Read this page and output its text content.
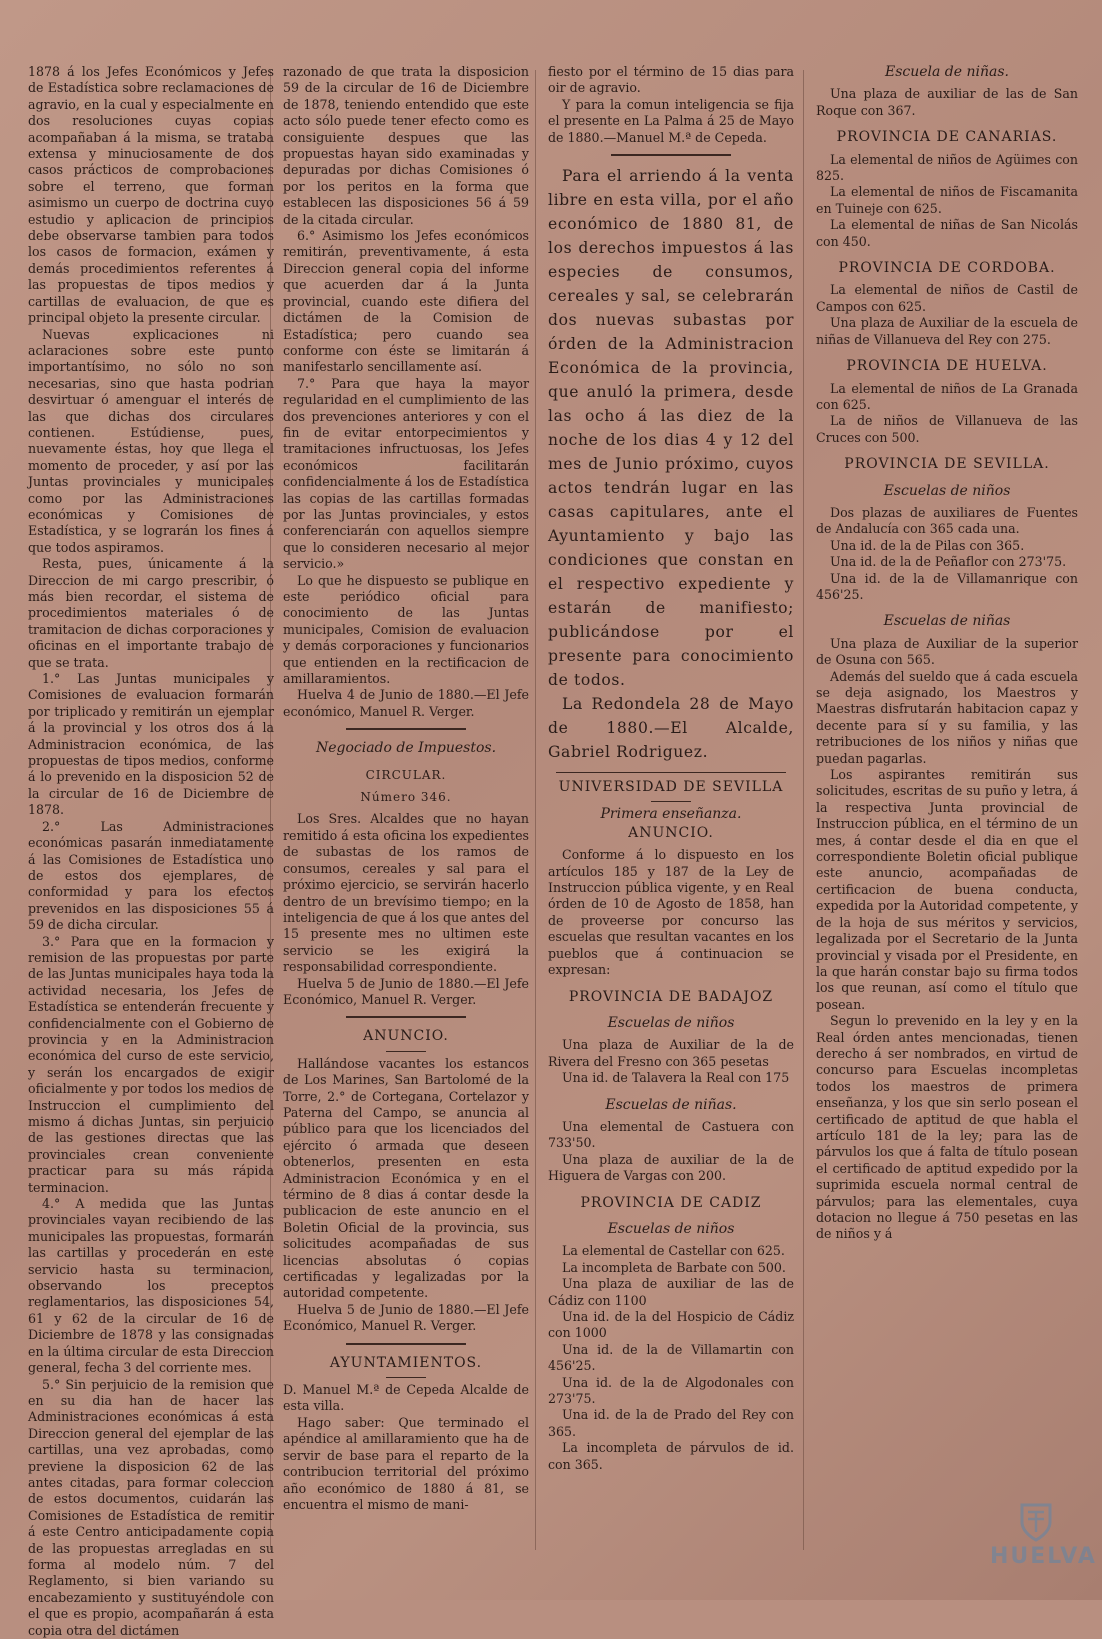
1878 á los Jefes Económicos y Jefes de Estadística sobre reclamaciones de agravio, en la cual y especialmente en dos resoluciones cuyas copias acompañaban á la misma, se trataba extensa y minuciosamente de dos casos prácticos de comprobaciones sobre el terreno, que forman asimismo un cuerpo de doctrina cuyo estudio y aplicacion de principios debe observarse tambien para todos los casos de formacion, exámen y demás procedimientos referentes á las propuestas de tipos medios y cartillas de evaluacion, de que es principal objeto la presente circular.

Nuevas explicaciones ni aclaraciones sobre este punto importantísimo, no sólo no son necesarias, sino que hasta podrian desvirtuar ó amenguar el interés de las que dichas dos circulares contienen. Estúdiense, pues, nuevamente éstas, hoy que llega el momento de proceder, y así por las Juntas provinciales y municipales como por las Administraciones económicas y Comisiones de Estadística, y se lograrán los fines á que todos aspiramos.

Resta, pues, únicamente á la Direccion de mi cargo prescribir, ó más bien recordar, el sistema de procedimientos materiales ó de tramitacion de dichas corporaciones y oficinas en el importante trabajo de que se trata.

1.° Las Juntas municipales y Comisiones de evaluacion formarán por triplicado y remitirán un ejemplar á la provincial y los otros dos á la Administracion económica, de las propuestas de tipos medios, conforme á lo prevenido en la disposicion 52 de la circular de 16 de Diciembre de 1878.

2.° Las Administraciones económicas pasarán inmediatamente á las Comisiones de Estadística uno de estos dos ejemplares, de conformidad y para los efectos prevenidos en las disposiciones 55 á 59 de dicha circular.

3.° Para que en la formacion y remision de las propuestas por parte de las Juntas municipales haya toda la actividad necesaria, los Jefes de Estadística se entenderán frecuente y confidencialmente con el Gobierno de provincia y en la Administracion económica del curso de este servicio, y serán los encargados de exigir oficialmente y por todos los medios de Instruccion el cumplimiento del mismo á dichas Juntas, sin perjuicio de las gestiones directas que las provinciales crean conveniente practicar para su más rápida terminacion.

4.° A medida que las Juntas provinciales vayan recibiendo de las municipales las propuestas, formarán las cartillas y procederán en este servicio hasta su terminacion, observando los preceptos reglamentarios, las disposiciones 54, 61 y 62 de la circular de 16 de Diciembre de 1878 y las consignadas en la última circular de esta Direccion general, fecha 3 del corriente mes.

5.° Sin perjuicio de la remision que en su dia han de hacer las Administraciones económicas á esta Direccion general del ejemplar de las cartillas, una vez aprobadas, como previene la disposicion 62 de las antes citadas, para formar coleccion de estos documentos, cuidarán las Comisiones de Estadística de remitir á este Centro anticipadamente copia de las propuestas arregladas en su forma al modelo núm. 7 del Reglamento, si bien variando su encabezamiento y sustituyéndole con el que es propio, acompañarán á esta copia otra del dictámen

razonado de que trata la disposicion 59 de la circular de 16 de Diciembre de 1878, teniendo entendido que este acto sólo puede tener efecto como es consiguiente despues que las propuestas hayan sido examinadas y depuradas por dichas Comisiones ó por los peritos en la forma que establecen las disposiciones 56 á 59 de la citada circular.

6.° Asimismo los Jefes económicos remitirán, preventivamente, á esta Direccion general copia del informe que acuerden dar á la Junta provincial, cuando este difiera del dictámen de la Comision de Estadística; pero cuando sea conforme con éste se limitarán á manifestarlo sencillamente así.

7.° Para que haya la mayor regularidad en el cumplimiento de las dos prevenciones anteriores y con el fin de evitar entorpecimientos y tramitaciones infructuosas, los Jefes económicos facilitarán confidencialmente á los de Estadística las copias de las cartillas formadas por las Juntas provinciales, y estos conferenciarán con aquellos siempre que lo consideren necesario al mejor servicio.»

Lo que he dispuesto se publique en este periódico oficial para conocimiento de las Juntas municipales, Comision de evaluacion y demás corporaciones y funcionarios que entienden en la rectificacion de amillaramientos.

Huelva 4 de Junio de 1880.—El Jefe económico, Manuel R. Verger.

Negociado de Impuestos.
CIRCULAR.
Número 346.

Los Sres. Alcaldes que no hayan remitido á esta oficina los expedientes de subastas de los ramos de consumos, cereales y sal para el próximo ejercicio, se servirán hacerlo dentro de un brevísimo tiempo; en la inteligencia de que á los que antes del 15 presente mes no ultimen este servicio se les exigirá la responsabilidad correspondiente.

Huelva 5 de Junio de 1880.—El Jefe Económico, Manuel R. Verger.

ANUNCIO.

Hallándose vacantes los estancos de Los Marines, San Bartolomé de la Torre, 2.° de Cortegana, Cortelazor y Paterna del Campo, se anuncia al público para que los licenciados del ejército ó armada que deseen obtenerlos, presenten en esta Administracion Económica y en el término de 8 dias á contar desde la publicacion de este anuncio en el Boletin Oficial de la provincia, sus solicitudes acompañadas de sus licencias absolutas ó copias certificadas y legalizadas por la autoridad competente.

Huelva 5 de Junio de 1880.—El Jefe Económico, Manuel R. Verger.

AYUNTAMIENTOS.

D. Manuel M.ª de Cepeda Alcalde de esta villa.

Hago saber: Que terminado el apéndice al amillaramiento que ha de servir de base para el reparto de la contribucion territorial del próximo año económico de 1880 á 81, se encuentra el mismo de mani-

fiesto por el término de 15 dias para oir de agravio.

Y para la comun inteligencia se fija el presente en La Palma á 25 de Mayo de 1880.—Manuel M.ª de Cepeda.

Para el arriendo á la venta libre en esta villa, por el año económico de 1880 81, de los derechos impuestos á las especies de consumos, cereales y sal, se celebrarán dos nuevas subastas por órden de la Administracion Económica de la provincia, que anuló la primera, desde las ocho á las diez de la noche de los dias 4 y 12 del mes de Junio próximo, cuyos actos tendrán lugar en las casas capitulares, ante el Ayuntamiento y bajo las condiciones que constan en el respectivo expediente y estarán de manifiesto; publicándose por el presente para conocimiento de todos.

La Redondela 28 de Mayo de 1880.—El Alcalde, Gabriel Rodriguez.

UNIVERSIDAD DE SEVILLA
Primera enseñanza.
ANUNCIO.

Conforme á lo dispuesto en los artículos 185 y 187 de la Ley de Instruccion pública vigente, y en Real órden de 10 de Agosto de 1858, han de proveerse por concurso las escuelas que resultan vacantes en los pueblos que á continuacion se expresan:

PROVINCIA DE BADAJOZ
Escuelas de niños

Una plaza de Auxiliar de la de Rivera del Fresno con 365 pesetas

Una id. de Talavera la Real con 175

Escuelas de niñas.

Una elemental de Castuera con 733'50.

Una plaza de auxiliar de la de Higuera de Vargas con 200.

PROVINCIA DE CADIZ
Escuelas de niños

La elemental de Castellar con 625.

La incompleta de Barbate con 500.

Una plaza de auxiliar de las de Cádiz con 1100

Una id. de la del Hospicio de Cádiz con 1000

Una id. de la de Villamartin con 456'25.

Una id. de la de Algodonales con 273'75.

Una id. de la de Prado del Rey con 365.

La incompleta de párvulos de id. con 365.

Escuela de niñas.

Una plaza de auxiliar de las de San Roque con 367.

PROVINCIA DE CANARIAS.

La elemental de niños de Agüimes con 825.

La elemental de niños de Fiscamanita en Tuineje con 625.

La elemental de niñas de San Nicolás con 450.

PROVINCIA DE CORDOBA.

La elemental de niños de Castil de Campos con 625.

Una plaza de Auxiliar de la escuela de niñas de Villanueva del Rey con 275.

PROVINCIA DE HUELVA.

La elemental de niños de La Granada con 625.

La de niños de Villanueva de las Cruces con 500.

PROVINCIA DE SEVILLA.
Escuelas de niños

Dos plazas de auxiliares de Fuentes de Andalucía con 365 cada una.

Una id. de la de Pilas con 365.

Una id. de la de Peñaflor con 273'75.

Una id. de la de Villamanrique con 456'25.

Escuelas de niñas

Una plaza de Auxiliar de la superior de Osuna con 565.

Además del sueldo que á cada escuela se deja asignado, los Maestros y Maestras disfrutarán habitacion capaz y decente para sí y su familia, y las retribuciones de los niños y niñas que puedan pagarlas.

Los aspirantes remitirán sus solicitudes, escritas de su puño y letra, á la respectiva Junta provincial de Instruccion pública, en el término de un mes, á contar desde el dia en que el correspondiente Boletin oficial publique este anuncio, acompañadas de certificacion de buena conducta, expedida por la Autoridad competente, y de la hoja de sus méritos y servicios, legalizada por el Secretario de la Junta provincial y visada por el Presidente, en la que harán constar bajo su firma todos los que reunan, así como el título que posean.

Segun lo prevenido en la ley y en la Real órden antes mencionadas, tienen derecho á ser nombrados, en virtud de concurso para Escuelas incompletas todos los maestros de primera enseñanza, y los que sin serlo posean el certificado de aptitud de que habla el artículo 181 de la ley; para las de párvulos los que á falta de título posean el certificado de aptitud expedido por la suprimida escuela normal central de párvulos; para las elementales, cuya dotacion no llegue á 750 pesetas en las de niños y á

HUELVA
